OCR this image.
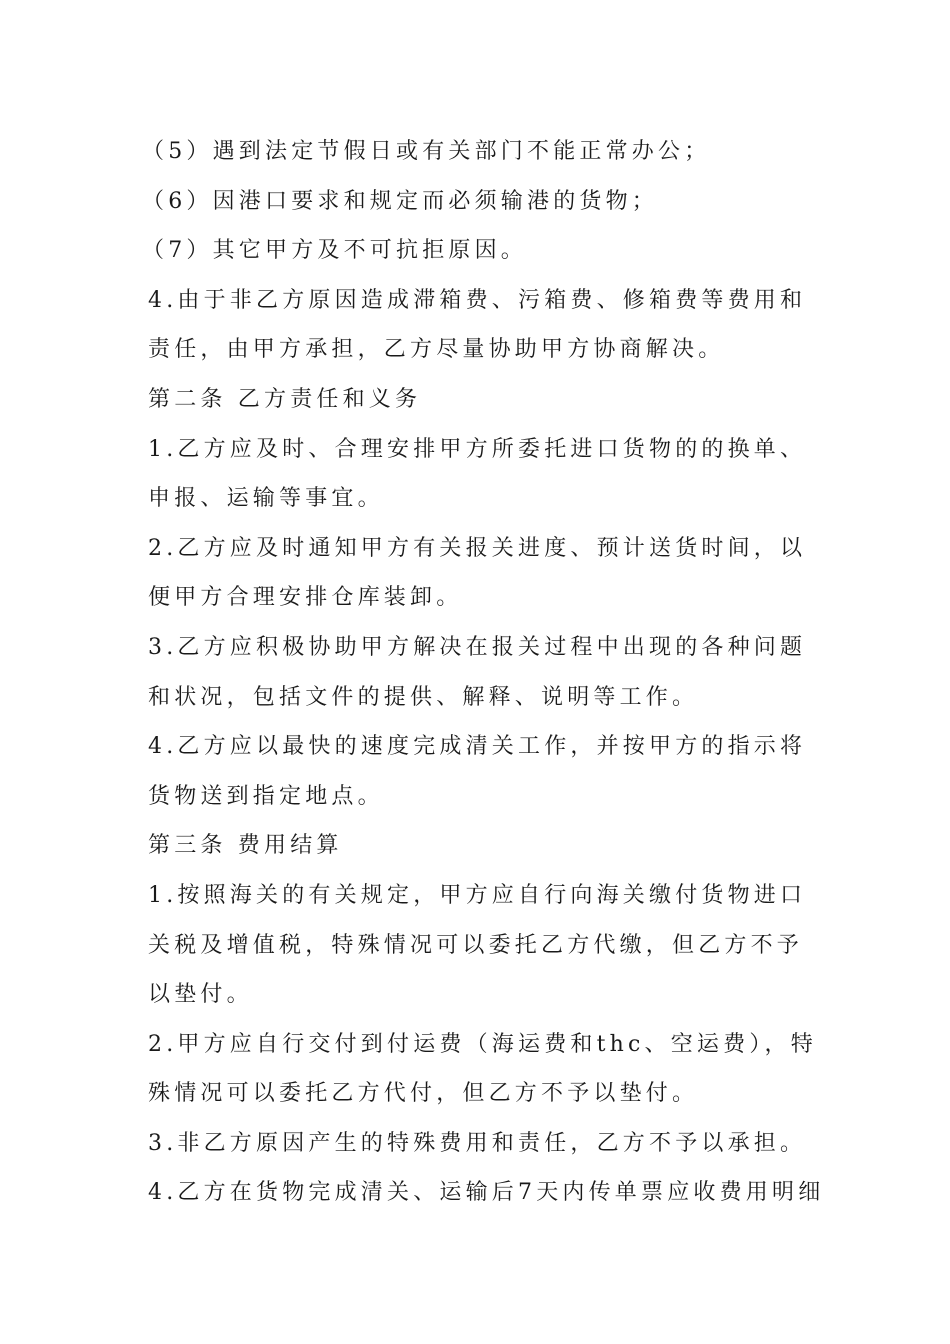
（5）遇到法定节假日或有关部门不能正常办公；
（6）因港口要求和规定而必须输港的货物；
（7）其它甲方及不可抗拒原因。
4.由于非乙方原因造成滞箱费、污箱费、修箱费等费用和
责任，由甲方承担，乙方尽量协助甲方协商解决。
第二条 乙方责任和义务
1.乙方应及时、合理安排甲方所委托进口货物的的换单、
申报、运输等事宜。
2.乙方应及时通知甲方有关报关进度、预计送货时间，以
便甲方合理安排仓库装卸。
3.乙方应积极协助甲方解决在报关过程中出现的各种问题
和状况，包括文件的提供、解释、说明等工作。
4.乙方应以最快的速度完成清关工作，并按甲方的指示将
货物送到指定地点。
第三条 费用结算
1.按照海关的有关规定，甲方应自行向海关缴付货物进口
关税及增值税，特殊情况可以委托乙方代缴，但乙方不予
以垫付。
2.甲方应自行交付到付运费（海运费和thc、空运费），特
殊情况可以委托乙方代付，但乙方不予以垫付。
3.非乙方原因产生的特殊费用和责任，乙方不予以承担。
4.乙方在货物完成清关、运输后7天内传单票应收费用明细
